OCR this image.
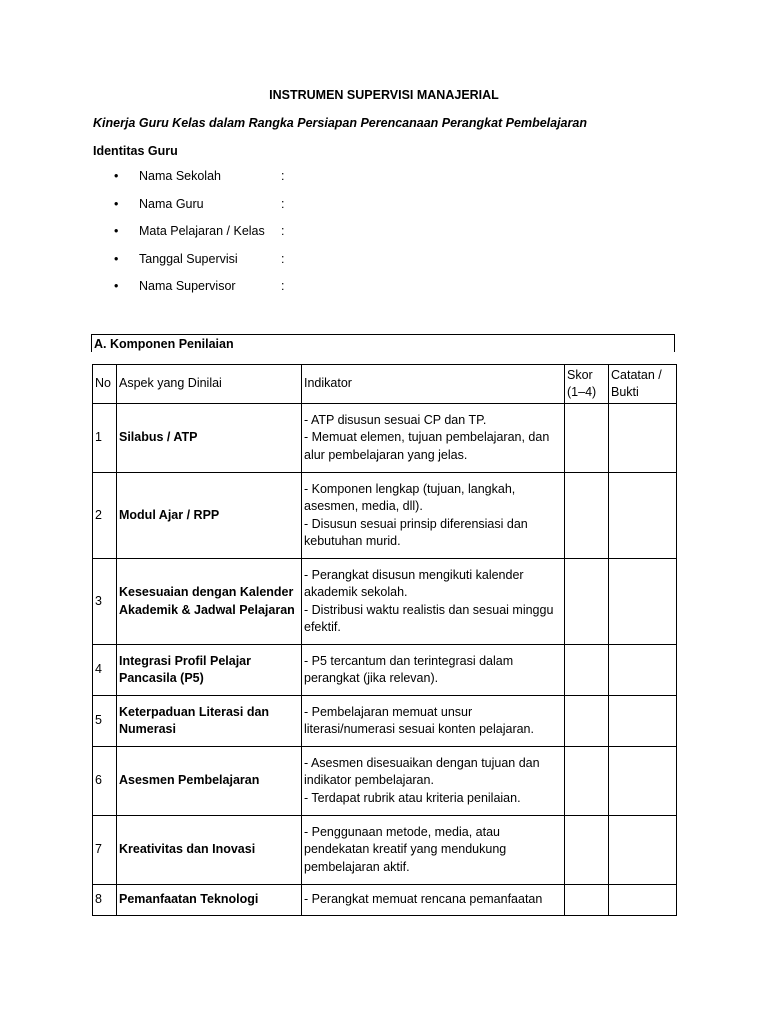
INSTRUMEN SUPERVISI MANAJERIAL
Kinerja Guru Kelas dalam Rangka Persiapan Perencanaan Perangkat Pembelajaran
Identitas Guru
•	Nama Sekolah	:
•	Nama Guru	:
•	Mata Pelajaran / Kelas	:
•	Tanggal Supervisi	:
•	Nama Supervisor	:
A. Komponen Penilaian
No	Aspek yang Dinilai	Indikator	Skor (1–4)	Catatan / Bukti
1	Silabus / ATP	- ATP disusun sesuai CP dan TP.
- Memuat elemen, tujuan pembelajaran, dan alur pembelajaran yang jelas.		

2	Modul Ajar / RPP	- Komponen lengkap (tujuan, langkah, asesmen, media, dll).
- Disusun sesuai prinsip diferensiasi dan kebutuhan murid.		

3	Kesesuaian dengan Kalender Akademik & Jadwal Pelajaran	- Perangkat disusun mengikuti kalender akademik sekolah.
- Distribusi waktu realistis dan sesuai minggu efektif.		

4	Integrasi Profil Pelajar Pancasila (P5)	- P5 tercantum dan terintegrasi dalam perangkat (jika relevan).		

5	Keterpaduan Literasi dan Numerasi	- Pembelajaran memuat unsur literasi/numerasi sesuai konten pelajaran.		

6	Asesmen Pembelajaran	- Asesmen disesuaikan dengan tujuan dan indikator pembelajaran.
- Terdapat rubrik atau kriteria penilaian.		

7	Kreativitas dan Inovasi	- Penggunaan metode, media, atau pendekatan kreatif yang mendukung pembelajaran aktif.		

8	Pemanfaatan Teknologi	- Perangkat memuat rencana pemanfaatan		
